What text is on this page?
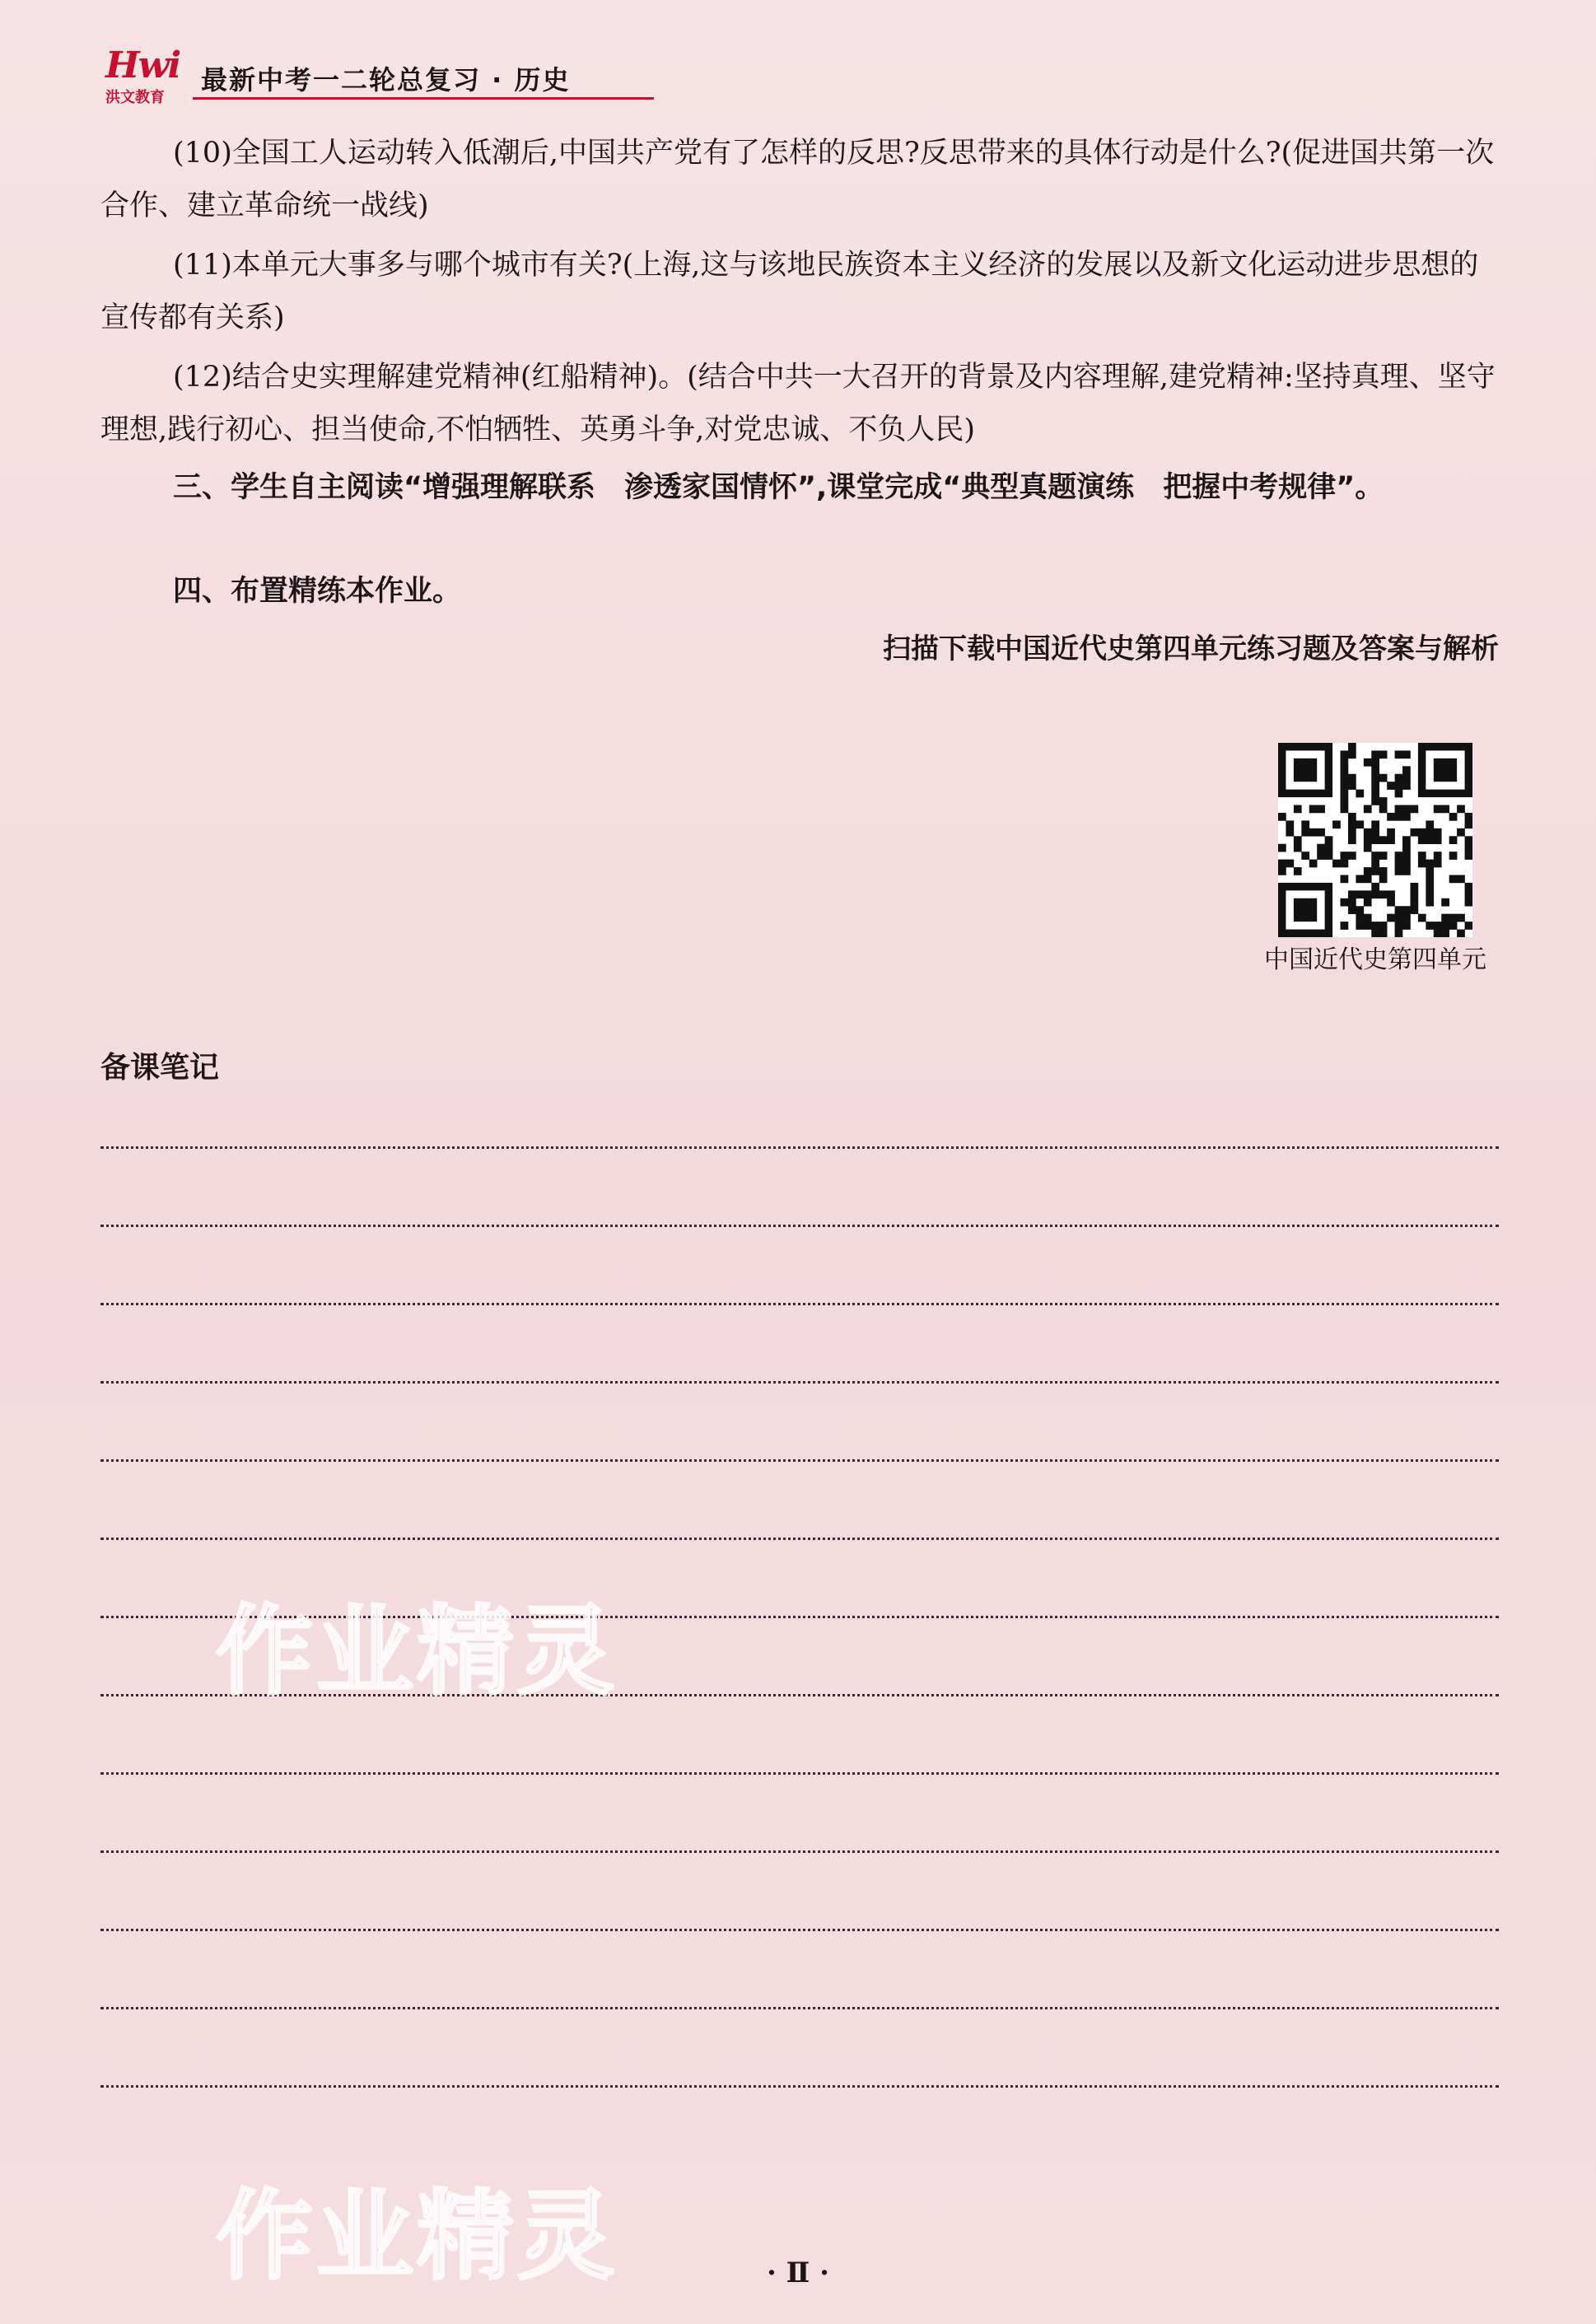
Hwi
洪文教育
最新中考一二轮总复习 · 历史
(10)全国工人运动转入低潮后,中国共产党有了怎样的反思?反思带来的具体行动是什么?(促进国共第一次合作、建立革命统一战线)
(11)本单元大事多与哪个城市有关?(上海,这与该地民族资本主义经济的发展以及新文化运动进步思想的宣传都有关系)
(12)结合史实理解建党精神(红船精神)。(结合中共一大召开的背景及内容理解,建党精神:坚持真理、坚守理想,践行初心、担当使命,不怕牺牲、英勇斗争,对党忠诚、不负人民)
三、学生自主阅读“增强理解联系　渗透家国情怀”,课堂完成“典型真题演练　把握中考规律”。
四、布置精练本作业。
扫描下载中国近代史第四单元练习题及答案与解析
中国近代史第四单元
备课笔记
作业精灵
作业精灵	· Ⅱ ·
